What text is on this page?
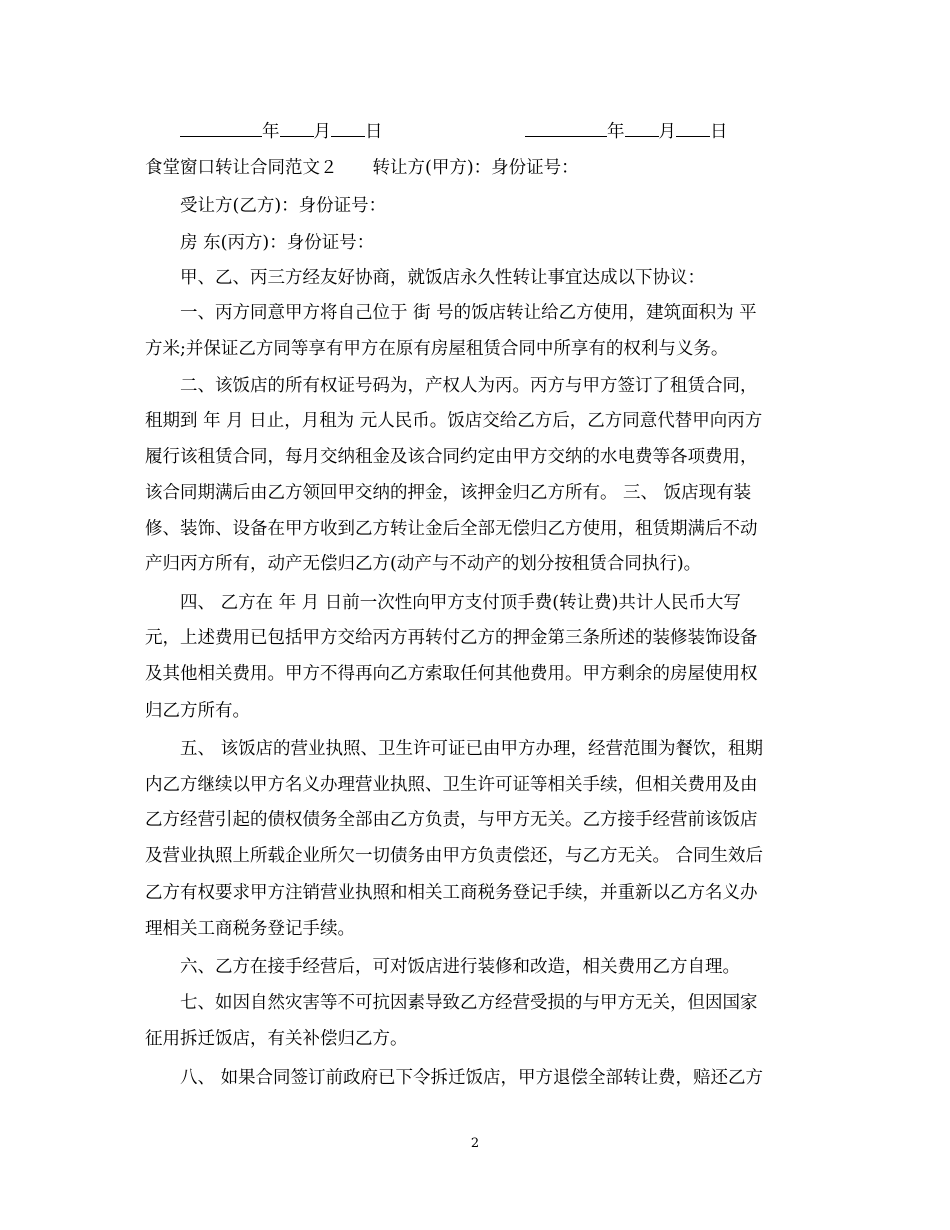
年 月 日	年 月 日
食堂窗口转让合同范文２　　转让方(甲方)：身份证号：
受让方(乙方)：身份证号：
房 东(丙方)：身份证号：
甲、乙、丙三方经友好协商，就饭店永久性转让事宜达成以下协议：
一、丙方同意甲方将自己位于 街 号的饭店转让给乙方使用，建筑面积为 平
方米;并保证乙方同等享有甲方在原有房屋租赁合同中所享有的权利与义务。
二、该饭店的所有权证号码为，产权人为丙。丙方与甲方签订了租赁合同，
租期到 年 月 日止，月租为 元人民币。饭店交给乙方后，乙方同意代替甲向丙方
履行该租赁合同，每月交纳租金及该合同约定由甲方交纳的水电费等各项费用，
该合同期满后由乙方领回甲交纳的押金，该押金归乙方所有。 三、 饭店现有装
修、装饰、设备在甲方收到乙方转让金后全部无偿归乙方使用，租赁期满后不动
产归丙方所有，动产无偿归乙方(动产与不动产的划分按租赁合同执行)。
四、 乙方在 年 月 日前一次性向甲方支付顶手费(转让费)共计人民币大写
元，上述费用已包括甲方交给丙方再转付乙方的押金第三条所述的装修装饰设备
及其他相关费用。甲方不得再向乙方索取任何其他费用。甲方剩余的房屋使用权
归乙方所有。
五、 该饭店的营业执照、卫生许可证已由甲方办理，经营范围为餐饮，租期
内乙方继续以甲方名义办理营业执照、卫生许可证等相关手续，但相关费用及由
乙方经营引起的债权债务全部由乙方负责，与甲方无关。乙方接手经营前该饭店
及营业执照上所载企业所欠一切债务由甲方负责偿还，与乙方无关。 合同生效后
乙方有权要求甲方注销营业执照和相关工商税务登记手续，并重新以乙方名义办
理相关工商税务登记手续。
六、乙方在接手经营后，可对饭店进行装修和改造，相关费用乙方自理。
七、如因自然灾害等不可抗因素导致乙方经营受损的与甲方无关，但因国家
征用拆迁饭店，有关补偿归乙方。
八、 如果合同签订前政府已下令拆迁饭店，甲方退偿全部转让费，赔还乙方
2
